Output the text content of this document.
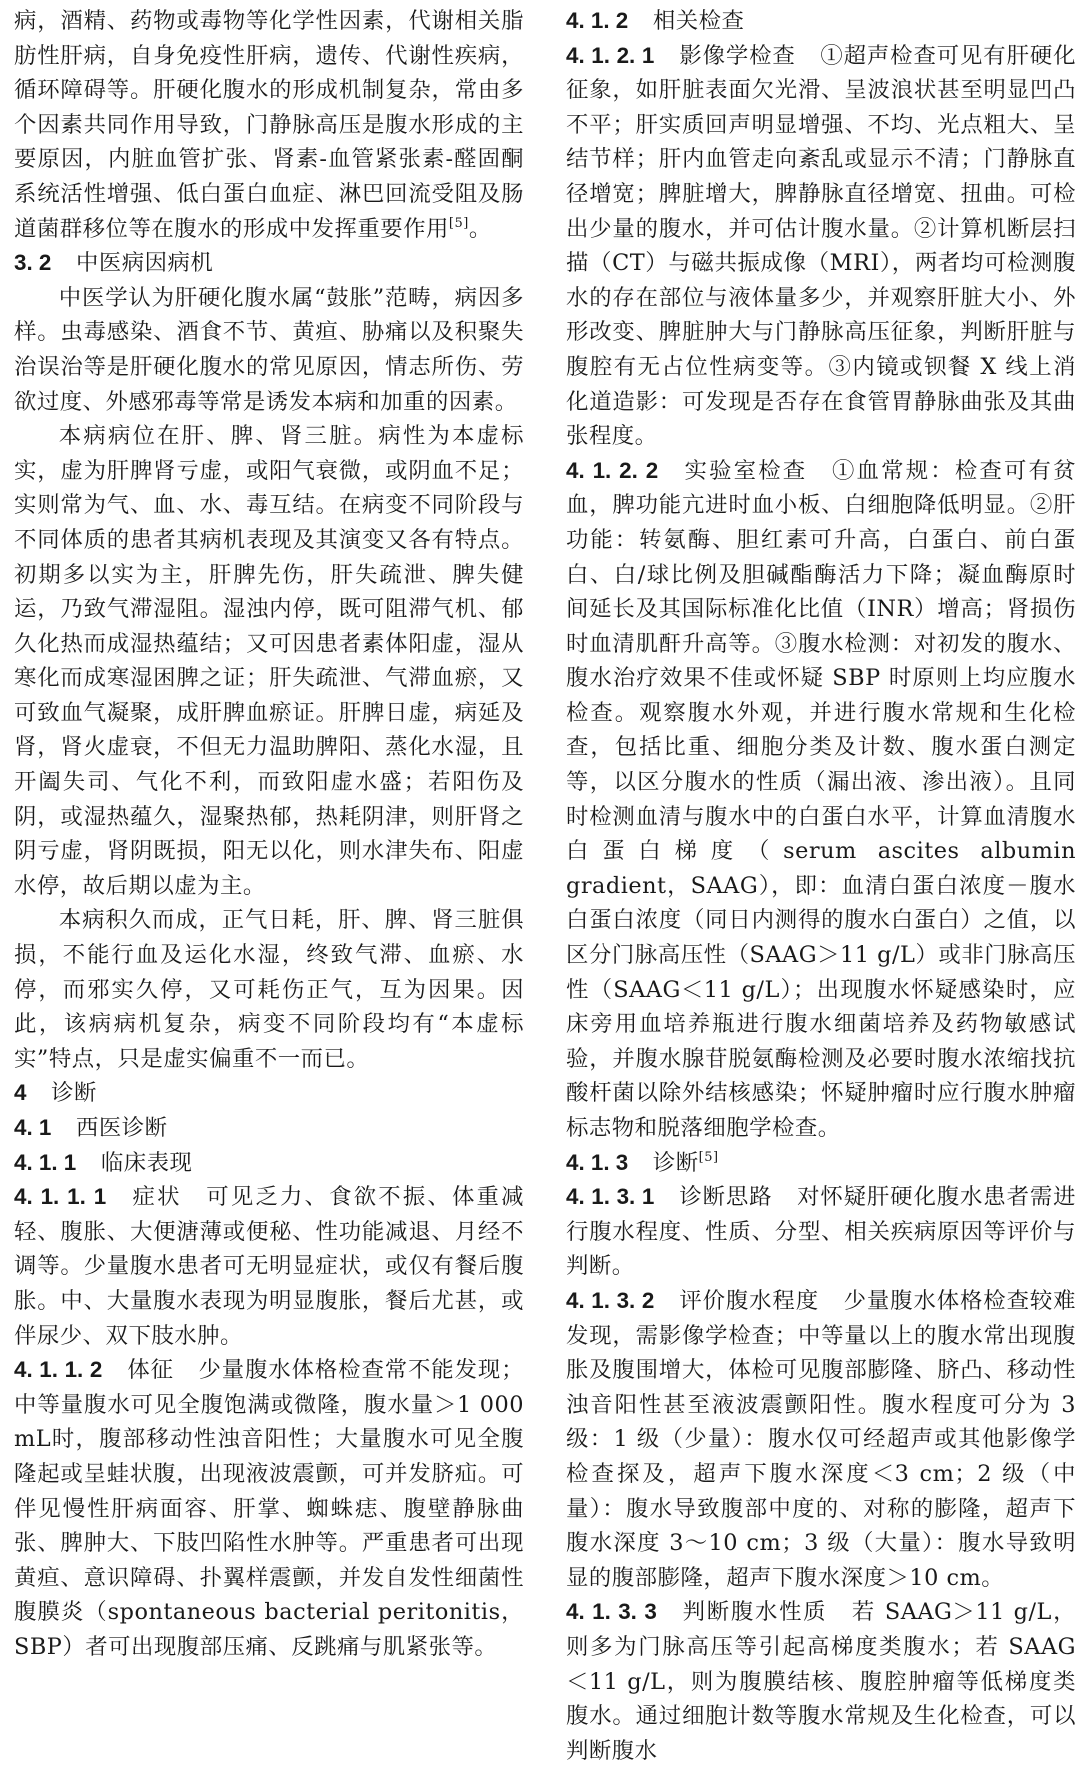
病，酒精、药物或毒物等化学性因素，代谢相关脂肪性肝病，自身免疫性肝病，遗传、代谢性疾病，循环障碍等。肝硬化腹水的形成机制复杂，常由多个因素共同作用导致，门静脉高压是腹水形成的主要原因，内脏血管扩张、肾素-血管紧张素-醛固酮系统活性增强、低白蛋白血症、淋巴回流受阻及肠道菌群移位等在腹水的形成中发挥重要作用[5]。

3. 2 中医病因病机

中医学认为肝硬化腹水属“鼓胀”范畴，病因多样。虫毒感染、酒食不节、黄疸、胁痛以及积聚失治误治等是肝硬化腹水的常见原因，情志所伤、劳欲过度、外感邪毒等常是诱发本病和加重的因素。

本病病位在肝、脾、肾三脏。病性为本虚标实，虚为肝脾肾亏虚，或阳气衰微，或阴血不足；实则常为气、血、水、毒互结。在病变不同阶段与不同体质的患者其病机表现及其演变又各有特点。初期多以实为主，肝脾先伤，肝失疏泄、脾失健运，乃致气滞湿阻。湿浊内停，既可阻滞气机、郁久化热而成湿热蕴结；又可因患者素体阳虚，湿从寒化而成寒湿困脾之证；肝失疏泄、气滞血瘀，又可致血气凝聚，成肝脾血瘀证。肝脾日虚，病延及肾，肾火虚衰，不但无力温助脾阳、蒸化水湿，且开阖失司、气化不利，而致阳虚水盛；若阳伤及阴，或湿热蕴久，湿聚热郁，热耗阴津，则肝肾之阴亏虚，肾阴既损，阳无以化，则水津失布、阳虚水停，故后期以虚为主。

本病积久而成，正气日耗，肝、脾、肾三脏俱损，不能行血及运化水湿，终致气滞、血瘀、水停，而邪实久停，又可耗伤正气，互为因果。因此，该病病机复杂，病变不同阶段均有“本虚标实”特点，只是虚实偏重不一而已。

4 诊断
4. 1 西医诊断
4. 1. 1 临床表现

4. 1. 1. 1 症状 可见乏力、食欲不振、体重减轻、腹胀、大便溏薄或便秘、性功能减退、月经不调等。少量腹水患者可无明显症状，或仅有餐后腹胀。中、大量腹水表现为明显腹胀，餐后尤甚，或伴尿少、双下肢水肿。

4. 1. 1. 2 体征 少量腹水体格检查常不能发现；中等量腹水可见全腹饱满或微隆，腹水量＞1 000 mL时，腹部移动性浊音阳性；大量腹水可见全腹隆起或呈蛙状腹，出现液波震颤，可并发脐疝。可伴见慢性肝病面容、肝掌、蜘蛛痣、腹壁静脉曲张、脾肿大、下肢凹陷性水肿等。严重患者可出现黄疸、意识障碍、扑翼样震颤，并发自发性细菌性腹膜炎（spontaneous bacterial peritonitis，SBP）者可出现腹部压痛、反跳痛与肌紧张等。

4. 1. 2 相关检查

4. 1. 2. 1 影像学检查 ①超声检查可见有肝硬化征象，如肝脏表面欠光滑、呈波浪状甚至明显凹凸不平；肝实质回声明显增强、不均、光点粗大、呈结节样；肝内血管走向紊乱或显示不清；门静脉直径增宽；脾脏增大，脾静脉直径增宽、扭曲。可检出少量的腹水，并可估计腹水量。②计算机断层扫描（CT）与磁共振成像（MRI），两者均可检测腹水的存在部位与液体量多少，并观察肝脏大小、外形改变、脾脏肿大与门静脉高压征象，判断肝脏与腹腔有无占位性病变等。③内镜或钡餐 X 线上消化道造影：可发现是否存在食管胃静脉曲张及其曲张程度。

4. 1. 2. 2 实验室检查 ①血常规：检查可有贫血，脾功能亢进时血小板、白细胞降低明显。②肝功能：转氨酶、胆红素可升高，白蛋白、前白蛋白、白/球比例及胆碱酯酶活力下降；凝血酶原时间延长及其国际标准化比值（INR）增高；肾损伤时血清肌酐升高等。③腹水检测：对初发的腹水、腹水治疗效果不佳或怀疑 SBP 时原则上均应腹水检查。观察腹水外观，并进行腹水常规和生化检查，包括比重、细胞分类及计数、腹水蛋白测定等，以区分腹水的性质（漏出液、渗出液）。且同时检测血清与腹水中的白蛋白水平，计算血清腹水白蛋白梯度（serum ascites albumin gradient，SAAG），即：血清白蛋白浓度－腹水白蛋白浓度（同日内测得的腹水白蛋白）之值，以区分门脉高压性（SAAG＞11 g/L）或非门脉高压性（SAAG＜11 g/L）；出现腹水怀疑感染时，应床旁用血培养瓶进行腹水细菌培养及药物敏感试验，并腹水腺苷脱氨酶检测及必要时腹水浓缩找抗酸杆菌以除外结核感染；怀疑肿瘤时应行腹水肿瘤标志物和脱落细胞学检查。

4. 1. 3 诊断[5]

4. 1. 3. 1 诊断思路 对怀疑肝硬化腹水患者需进行腹水程度、性质、分型、相关疾病原因等评价与判断。

4. 1. 3. 2 评价腹水程度 少量腹水体格检查较难发现，需影像学检查；中等量以上的腹水常出现腹胀及腹围增大，体检可见腹部膨隆、脐凸、移动性浊音阳性甚至液波震颤阳性。腹水程度可分为 3 级：1 级（少量）：腹水仅可经超声或其他影像学检查探及，超声下腹水深度＜3 cm；2 级（中量）：腹水导致腹部中度的、对称的膨隆，超声下腹水深度 3～10 cm；3 级（大量）：腹水导致明显的腹部膨隆，超声下腹水深度＞10 cm。

4. 1. 3. 3 判断腹水性质 若 SAAG＞11 g/L，则多为门脉高压等引起高梯度类腹水；若 SAAG＜11 g/L，则为腹膜结核、腹腔肿瘤等低梯度类腹水。通过细胞计数等腹水常规及生化检查，可以判断腹水
